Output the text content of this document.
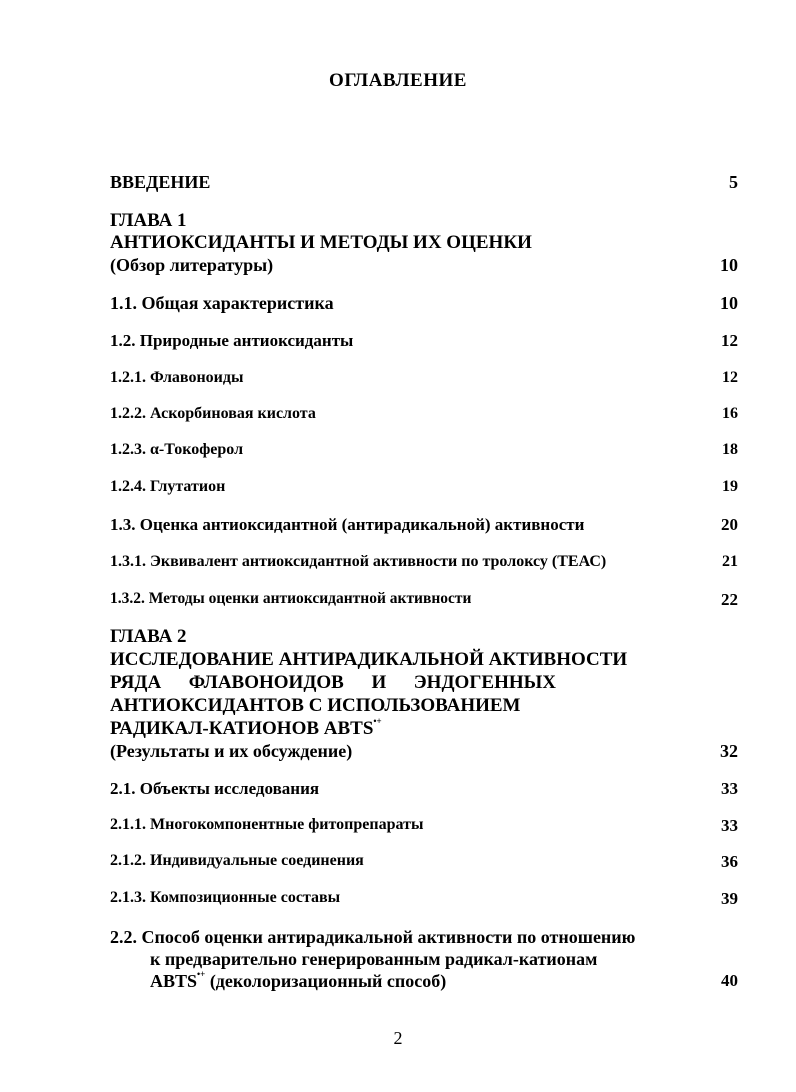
ОГЛАВЛЕНИЕ
ВВЕДЕНИЕ	5
ГЛАВА 1
АНТИОКСИДАНТЫ И МЕТОДЫ ИХ ОЦЕНКИ
(Обзор литературы)	10
1.1. Общая характеристика	10
1.2. Природные антиоксиданты	12
1.2.1. Флавоноиды	12
1.2.2. Аскорбиновая кислота	16
1.2.3. α-Токоферол	18
1.2.4. Глутатион	19
1.3. Оценка антиоксидантной (антирадикальной) активности	20
1.3.1. Эквивалент антиоксидантной активности по тролоксу (ТЕАС)	21
1.3.2. Методы оценки антиоксидантной активности	22
ГЛАВА 2
ИССЛЕДОВАНИЕ АНТИРАДИКАЛЬНОЙ АКТИВНОСТИ
РЯДА ФЛАВОНОИДОВ И ЭНДОГЕННЫХ
АНТИОКСИДАНТОВ С ИСПОЛЬЗОВАНИЕМ
РАДИКАЛ-КАТИОНОВ ABTS•+
(Результаты и их обсуждение)	32
2.1. Объекты исследования	33
2.1.1. Многокомпонентные фитопрепараты	33
2.1.2. Индивидуальные соединения	36
2.1.3. Композиционные составы	39
2.2. Способ оценки антирадикальной активности по отношению
к предварительно генерированным радикал-катионам
ABTS•+ (деколоризационный способ)	40
2
